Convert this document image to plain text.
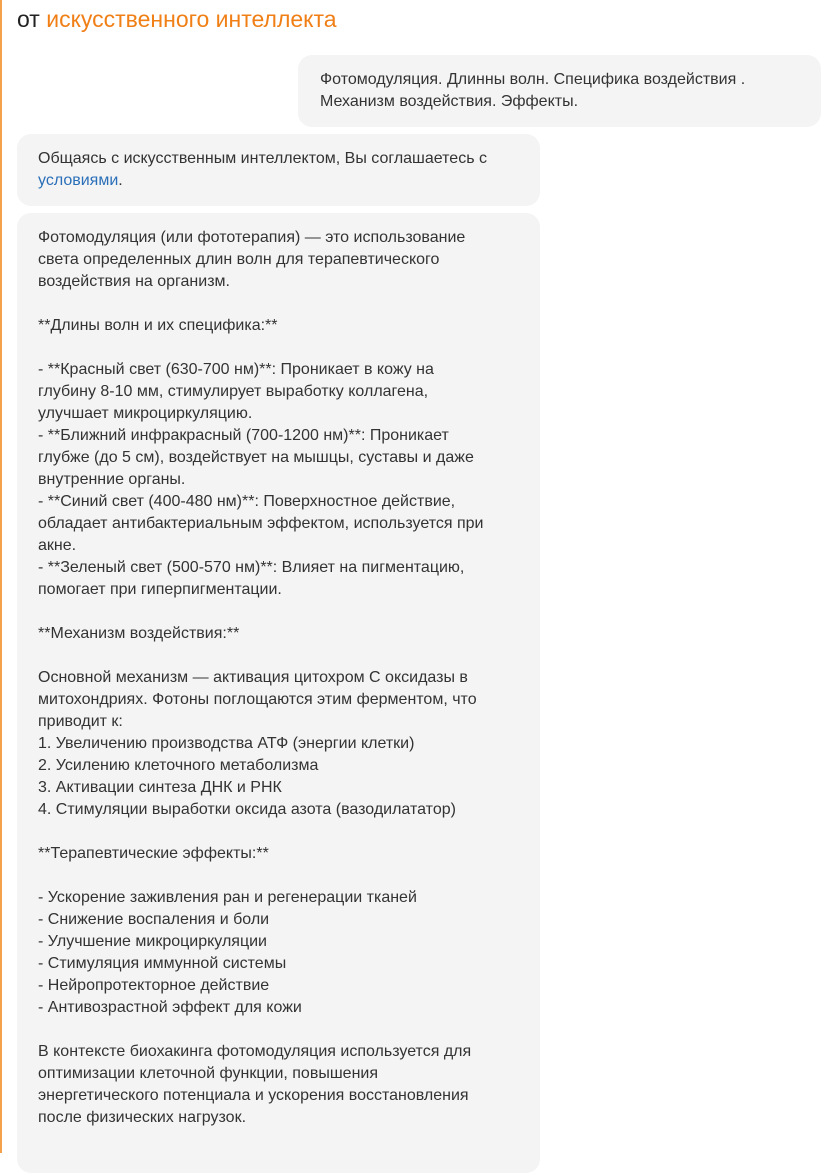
от искусственного интеллекта
Фотомодуляция. Длинны волн. Специфика воздействия .
Механизм воздействия. Эффекты.
Общаясь с искусственным интеллектом, Вы соглашаетесь с
условиями.
Фотомодуляция (или фототерапия) — это использование
света определенных длин волн для терапевтического
воздействия на организм.
**Длины волн и их специфика:**
- **Красный свет (630-700 нм)**: Проникает в кожу на
глубину 8-10 мм, стимулирует выработку коллагена,
улучшает микроциркуляцию.
- **Ближний инфракрасный (700-1200 нм)**: Проникает
глубже (до 5 см), воздействует на мышцы, суставы и даже
внутренние органы.
- **Синий свет (400-480 нм)**: Поверхностное действие,
обладает антибактериальным эффектом, используется при
акне.
- **Зеленый свет (500-570 нм)**: Влияет на пигментацию,
помогает при гиперпигментации.
**Механизм воздействия:**
Основной механизм — активация цитохром C оксидазы в
митохондриях. Фотоны поглощаются этим ферментом, что
приводит к:
1. Увеличению производства АТФ (энергии клетки)
2. Усилению клеточного метаболизма
3. Активации синтеза ДНК и РНК
4. Стимуляции выработки оксида азота (вазодилататор)
**Терапевтические эффекты:**
- Ускорение заживления ран и регенерации тканей
- Снижение воспаления и боли
- Улучшение микроциркуляции
- Стимуляция иммунной системы
- Нейропротекторное действие
- Антивозрастной эффект для кожи
В контексте биохакинга фотомодуляция используется для
оптимизации клеточной функции, повышения
энергетического потенциала и ускорения восстановления
после физических нагрузок.
